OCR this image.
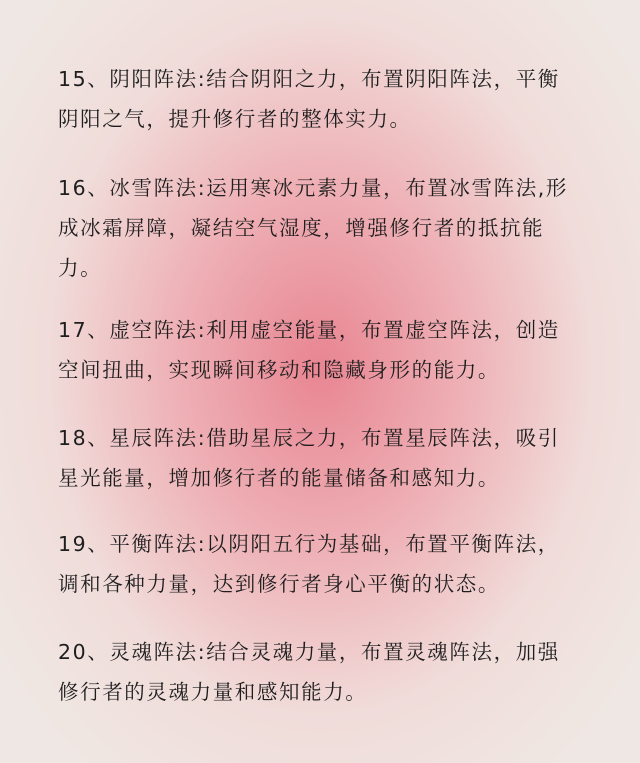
15、阴阳阵法:结合阴阳之力，布置阴阳阵法，平衡
阴阳之气，提升修行者的整体实力。

16、冰雪阵法:运用寒冰元素力量，布置冰雪阵法,形
成冰霜屏障，凝结空气湿度，增强修行者的抵抗能
力。

17、虚空阵法:利用虚空能量，布置虚空阵法，创造
空间扭曲，实现瞬间移动和隐藏身形的能力。

18、星辰阵法:借助星辰之力，布置星辰阵法，吸引
星光能量，增加修行者的能量储备和感知力。

19、平衡阵法:以阴阳五行为基础，布置平衡阵法，
调和各种力量，达到修行者身心平衡的状态。

20、灵魂阵法:结合灵魂力量，布置灵魂阵法，加强
修行者的灵魂力量和感知能力。
